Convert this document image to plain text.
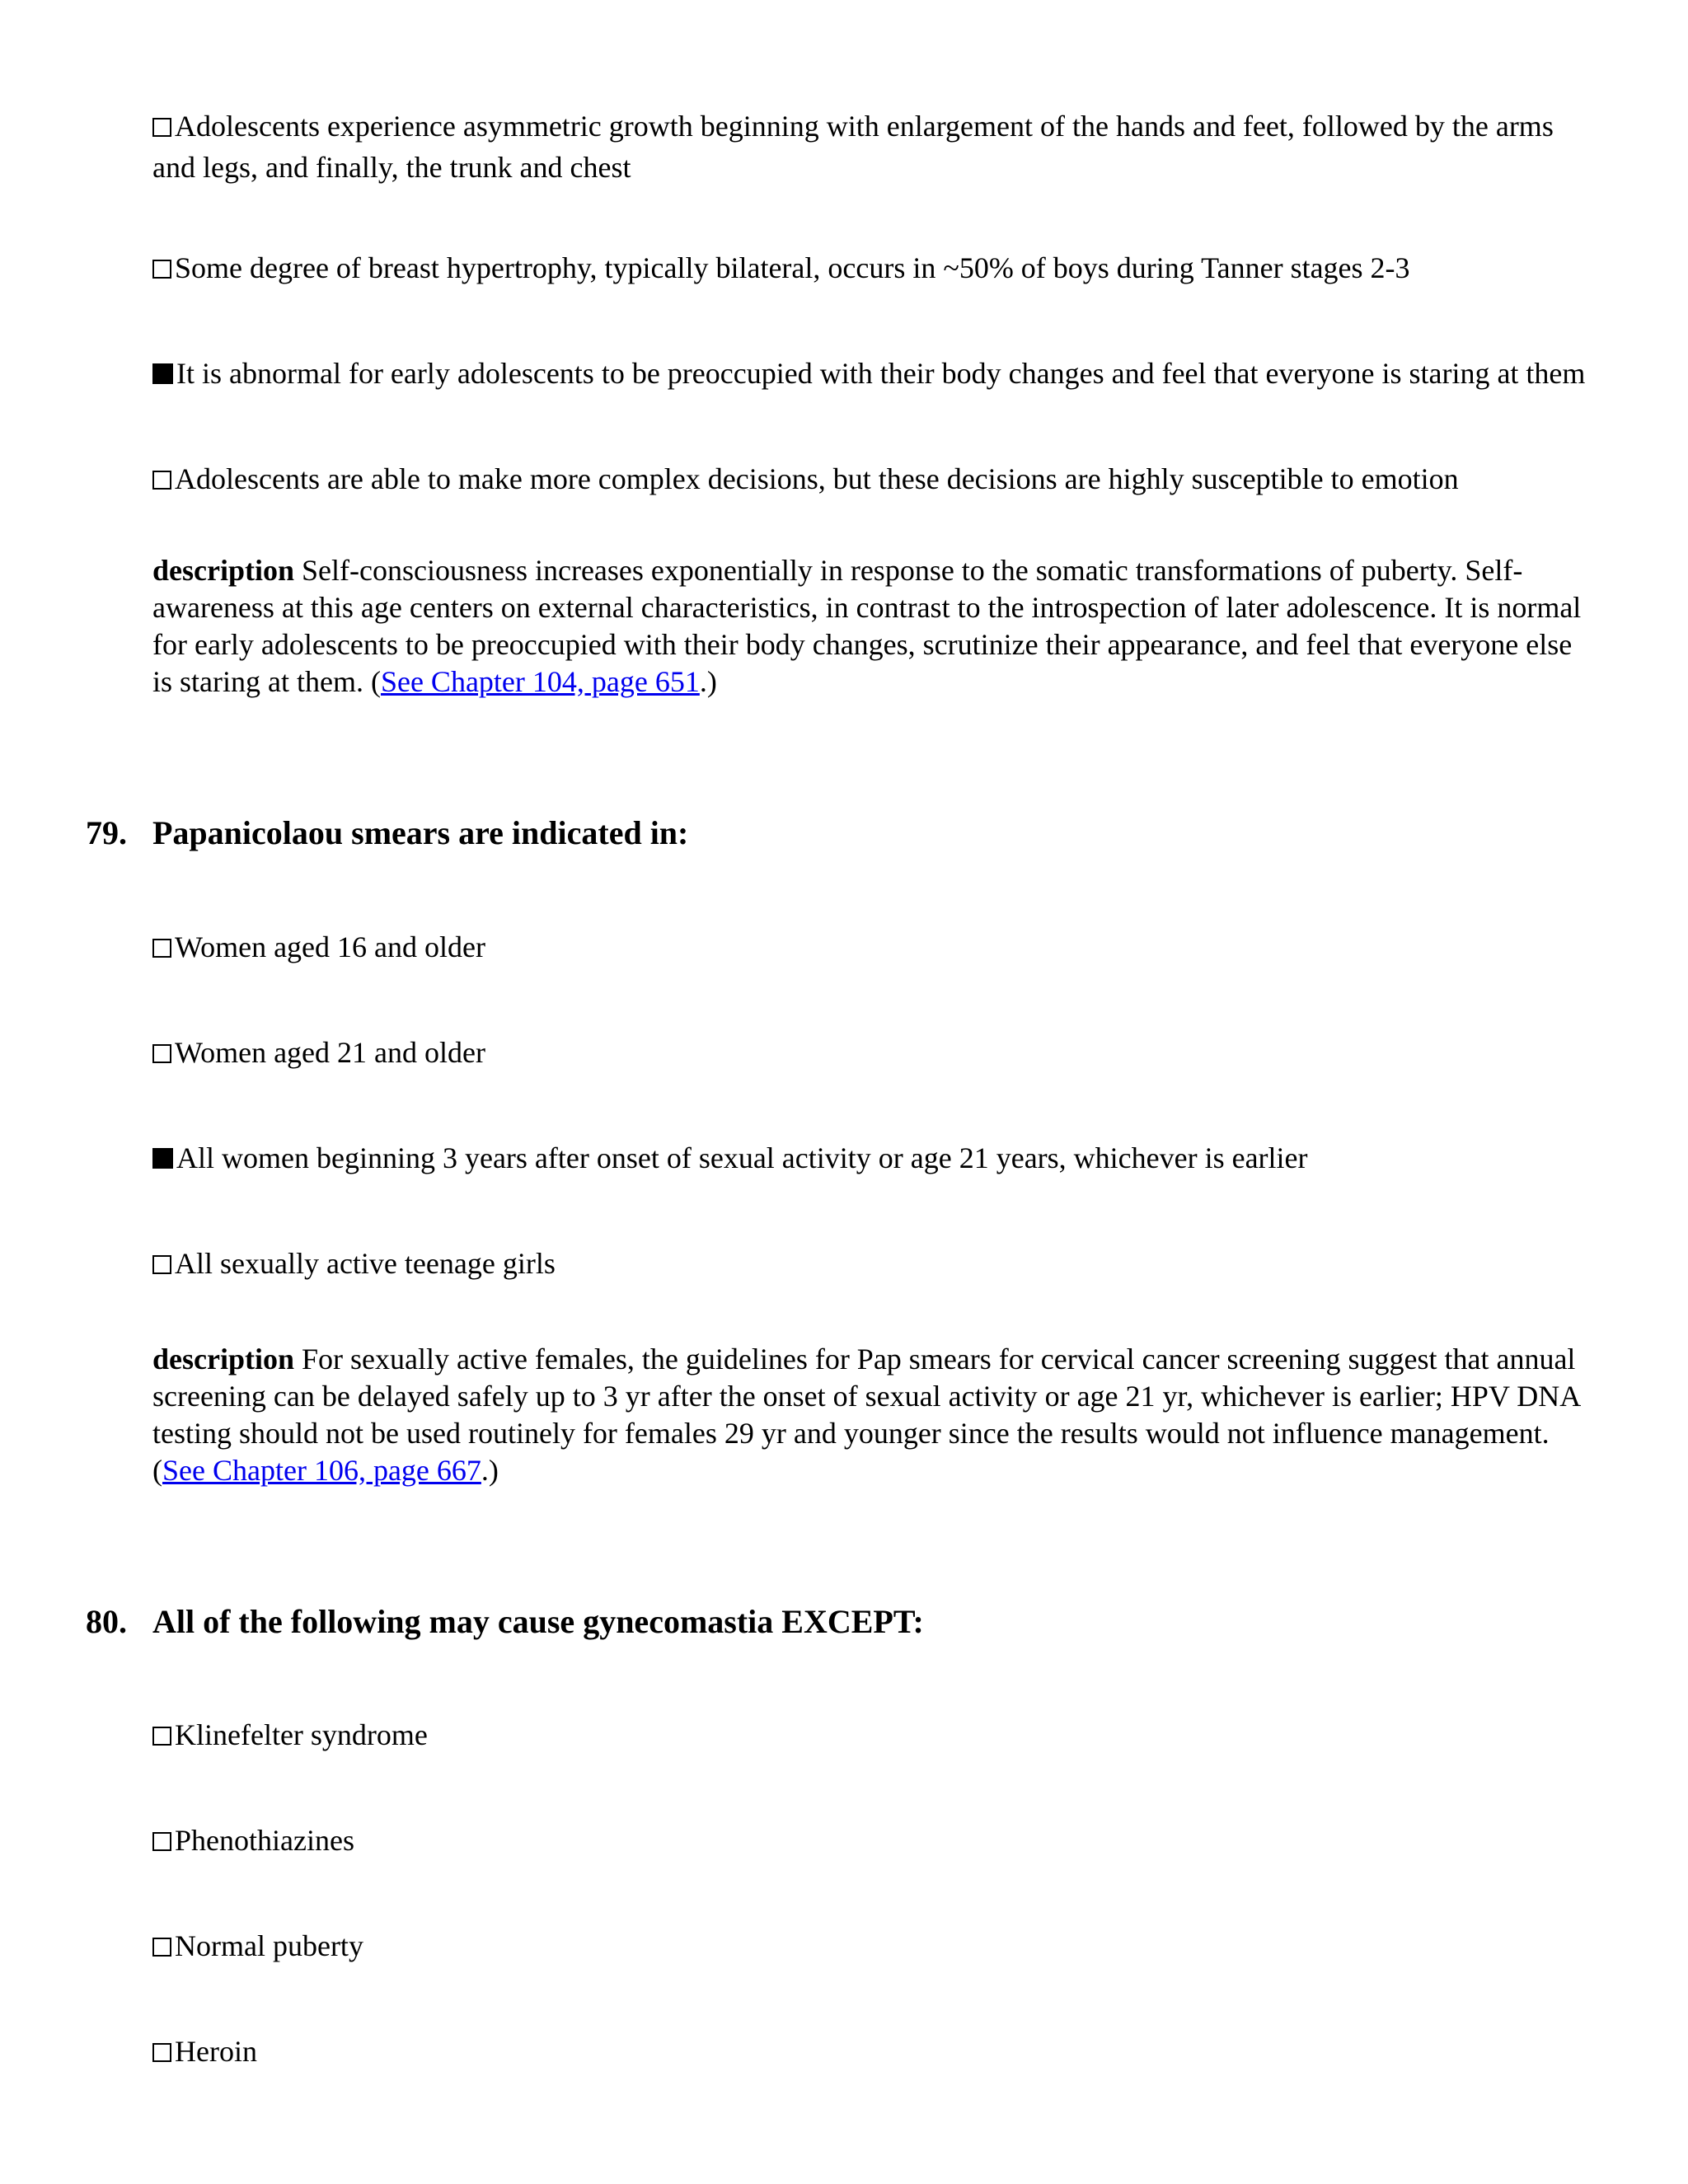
Adolescents experience asymmetric growth beginning with enlargement of the hands and feet, followed by the arms and legs, and finally, the trunk and chest
Some degree of breast hypertrophy, typically bilateral, occurs in ~50% of boys during Tanner stages 2-3
It is abnormal for early adolescents to be preoccupied with their body changes and feel that everyone is staring at them
Adolescents are able to make more complex decisions, but these decisions are highly susceptible to emotion
description Self-consciousness increases exponentially in response to the somatic transformations of puberty. Self-awareness at this age centers on external characteristics, in contrast to the introspection of later adolescence. It is normal for early adolescents to be preoccupied with their body changes, scrutinize their appearance, and feel that everyone else is staring at them. (See Chapter 104, page 651.)
79. Papanicolaou smears are indicated in:
Women aged 16 and older
Women aged 21 and older
All women beginning 3 years after onset of sexual activity or age 21 years, whichever is earlier
All sexually active teenage girls
description For sexually active females, the guidelines for Pap smears for cervical cancer screening suggest that annual screening can be delayed safely up to 3 yr after the onset of sexual activity or age 21 yr, whichever is earlier; HPV DNA testing should not be used routinely for females 29 yr and younger since the results would not influence management. (See Chapter 106, page 667.)
80. All of the following may cause gynecomastia EXCEPT:
Klinefelter syndrome
Phenothiazines
Normal puberty
Heroin
